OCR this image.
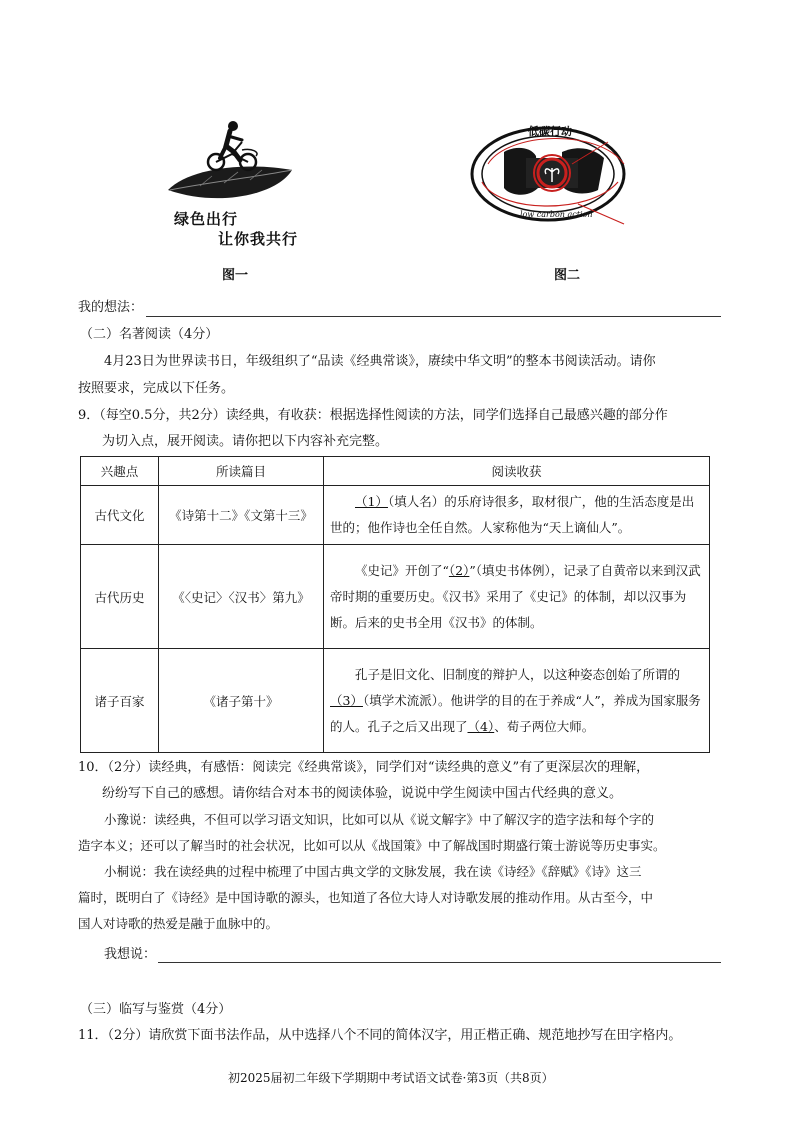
绿色出行
让你我共行
图一
低碳行动
low carbon action
图二
我的想法：
（二）名著阅读（4分）
4月23日为世界读书日，年级组织了“品读《经典常谈》，赓续中华文明”的整本书阅读活动。请你
按照要求，完成以下任务。
9．（每空0.5分，共2分）读经典，有收获：根据选择性阅读的方法，同学们选择自己最感兴趣的部分作
为切入点，展开阅读。请你把以下内容补充完整。
兴趣点	所读篇目	阅读收获
古代文化	《诗第十二》《文第十三》	（1）（填人名）的乐府诗很多，取材很广，他的生活态度是出世的；他作诗也全任自然。人家称他为“天上谪仙人”。
古代历史	《〈史记〉〈汉书〉第九》	《史记》开创了“（2）”（填史书体例），记录了自黄帝以来到汉武帝时期的重要历史。《汉书》采用了《史记》的体制，却以汉事为断。后来的史书全用《汉书》的体制。
诸子百家	《诸子第十》	孔子是旧文化、旧制度的辩护人，以这种姿态创始了所谓的（3）（填学术流派）。他讲学的目的在于养成“人”，养成为国家服务的人。孔子之后又出现了（4）、荀子两位大师。
10．（2分）读经典，有感悟：阅读完《经典常谈》，同学们对“读经典的意义”有了更深层次的理解，
纷纷写下自己的感想。请你结合对本书的阅读体验，说说中学生阅读中国古代经典的意义。
小豫说：读经典，不但可以学习语文知识，比如可以从《说文解字》中了解汉字的造字法和每个字的
造字本义；还可以了解当时的社会状况，比如可以从《战国策》中了解战国时期盛行策士游说等历史事实。
小桐说：我在读经典的过程中梳理了中国古典文学的文脉发展，我在读《诗经》《辞赋》《诗》这三
篇时，既明白了《诗经》是中国诗歌的源头，也知道了各位大诗人对诗歌发展的推动作用。从古至今，中
国人对诗歌的热爱是融于血脉中的。
我想说：
（三）临写与鉴赏（4分）
11．（2分）请欣赏下面书法作品，从中选择八个不同的简体汉字，用正楷正确、规范地抄写在田字格内。
初2025届初二年级下学期期中考试语文试卷·第3页（共8页）
